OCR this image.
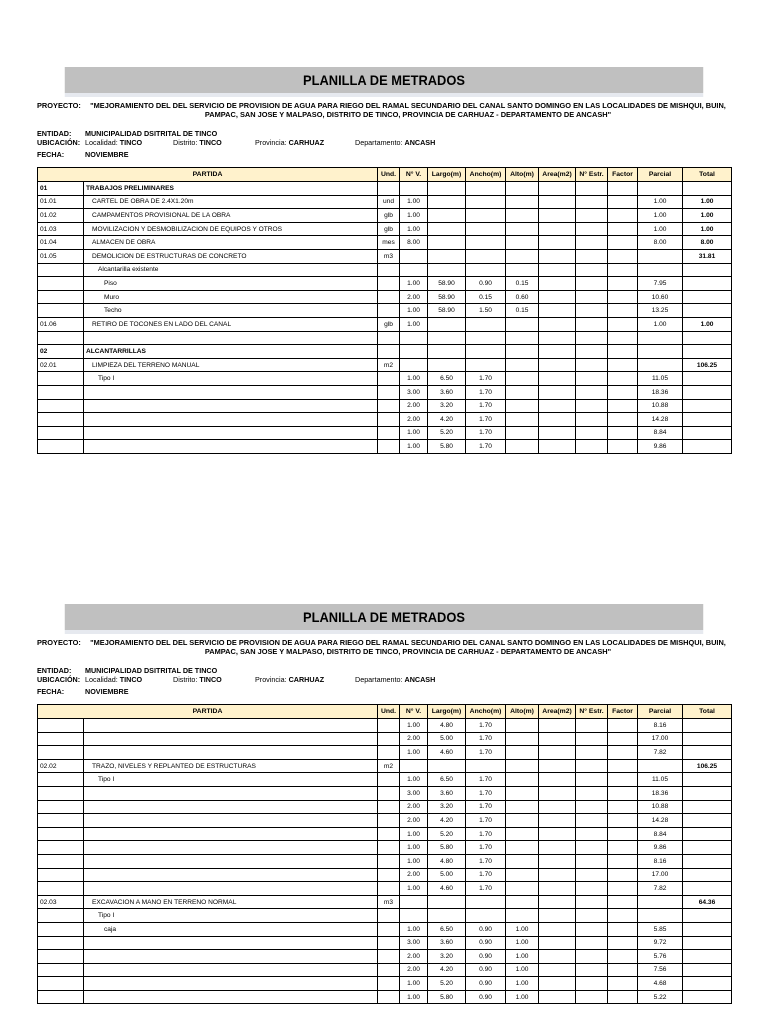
PLANILLA DE METRADOS
PROYECTO:	"MEJORAMIENTO DEL DEL SERVICIO DE PROVISION DE AGUA PARA RIEGO DEL RAMAL SECUNDARIO DEL CANAL SANTO DOMINGO EN LAS LOCALIDADES DE MISHQUI, BUIN, PAMPAC, SAN JOSE Y MALPASO, DISTRITO DE TINCO, PROVINCIA DE CARHUAZ - DEPARTAMENTO DE ANCASH"
ENTIDAD: MUNICIPALIDAD DSITRITAL DE TINCO
UBICACIÓN: Localidad: TINCO	Distrito: TINCO	Provincia: CARHUAZ	Departamento: ANCASH
FECHA:	NOVIEMBRE
PARTIDA		Und.	N° V.	Largo(m)	Ancho(m)	Alto(m)	Area(m2)	N° Estr.	Factor	Parcial	Total
01	TRABAJOS PRELIMINARES										
01.01	CARTEL DE OBRA DE 2.4X1.20m	und	1.00							1.00	1.00
01.02	CAMPAMENTOS PROVISIONAL DE LA OBRA	glb	1.00							1.00	1.00
01.03	MOVILIZACION Y DESMOBILIZACION DE EQUIPOS Y OTROS	glb	1.00							1.00	1.00
01.04	ALMACEN DE OBRA	mes	8.00							8.00	8.00
01.05	DEMOLICION DE ESTRUCTURAS DE CONCRETO	m3									31.81
	Alcantarilla existente										
	Piso		1.00	58.90	0.90	0.15				7.95	
	Muro		2.00	58.90	0.15	0.60				10.60	
	Techo		1.00	58.90	1.50	0.15				13.25	
01.06	RETIRO DE TOCONES EN LADO DEL CANAL	glb	1.00							1.00	1.00

02	ALCANTARRILLAS										
02.01	LIMPIEZA DEL TERRENO MANUAL	m2									106.25
	Tipo I		1.00	6.50	1.70					11.05	
			3.00	3.60	1.70					18.36	
			2.00	3.20	1.70					10.88	
			2.00	4.20	1.70					14.28	
			1.00	5.20	1.70					8.84	
			1.00	5.80	1.70					9.86	
PLANILLA DE METRADOS
PROYECTO:	"MEJORAMIENTO DEL DEL SERVICIO DE PROVISION DE AGUA PARA RIEGO DEL RAMAL SECUNDARIO DEL CANAL SANTO DOMINGO EN LAS LOCALIDADES DE MISHQUI, BUIN, PAMPAC, SAN JOSE Y MALPASO, DISTRITO DE TINCO, PROVINCIA DE CARHUAZ - DEPARTAMENTO DE ANCASH"
ENTIDAD: MUNICIPALIDAD DSITRITAL DE TINCO
UBICACIÓN: Localidad: TINCO	Distrito: TINCO	Provincia: CARHUAZ	Departamento: ANCASH
FECHA:	NOVIEMBRE
PARTIDA		Und.	N° V.	Largo(m)	Ancho(m)	Alto(m)	Area(m2)	N° Estr.	Factor	Parcial	Total
			1.00	4.80	1.70					8.16	
			2.00	5.00	1.70					17.00	
			1.00	4.60	1.70					7.82	
02.02	TRAZO, NIVELES Y REPLANTEO DE ESTRUCTURAS	m2									106.25
	Tipo I		1.00	6.50	1.70					11.05	
			3.00	3.60	1.70					18.36	
			2.00	3.20	1.70					10.88	
			2.00	4.20	1.70					14.28	
			1.00	5.20	1.70					8.84	
			1.00	5.80	1.70					9.86	
			1.00	4.80	1.70					8.16	
			2.00	5.00	1.70					17.00	
			1.00	4.60	1.70					7.82	
02.03	EXCAVACION A MANO EN TERRENO NORMAL	m3									64.36
	Tipo I										
	caja		1.00	6.50	0.90	1.00				5.85	
			3.00	3.60	0.90	1.00				9.72	
			2.00	3.20	0.90	1.00				5.76	
			2.00	4.20	0.90	1.00				7.56	
			1.00	5.20	0.90	1.00				4.68	
			1.00	5.80	0.90	1.00				5.22	
